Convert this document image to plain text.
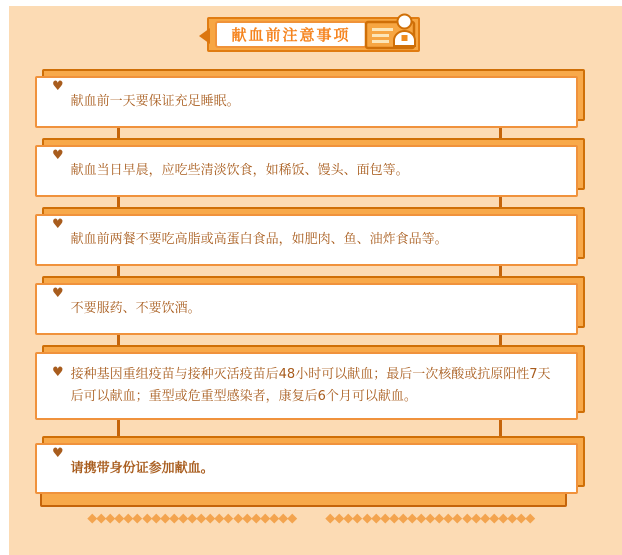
献血前注意事项
♥
献血前一天要保证充足睡眠。
♥
献血当日早晨，应吃些清淡饮食，如稀饭、馒头、面包等。
♥
献血前两餐不要吃高脂或高蛋白食品，如肥肉、鱼、油炸食品等。
♥
不要服药、不要饮酒。
♥ 接种基因重组疫苗与接种灭活疫苗后48小时可以献血；最后一次核酸或抗原阳性7天后可以献血；重型或危重型感染者，康复后6个月可以献血。
♥
请携带身份证参加献血。
